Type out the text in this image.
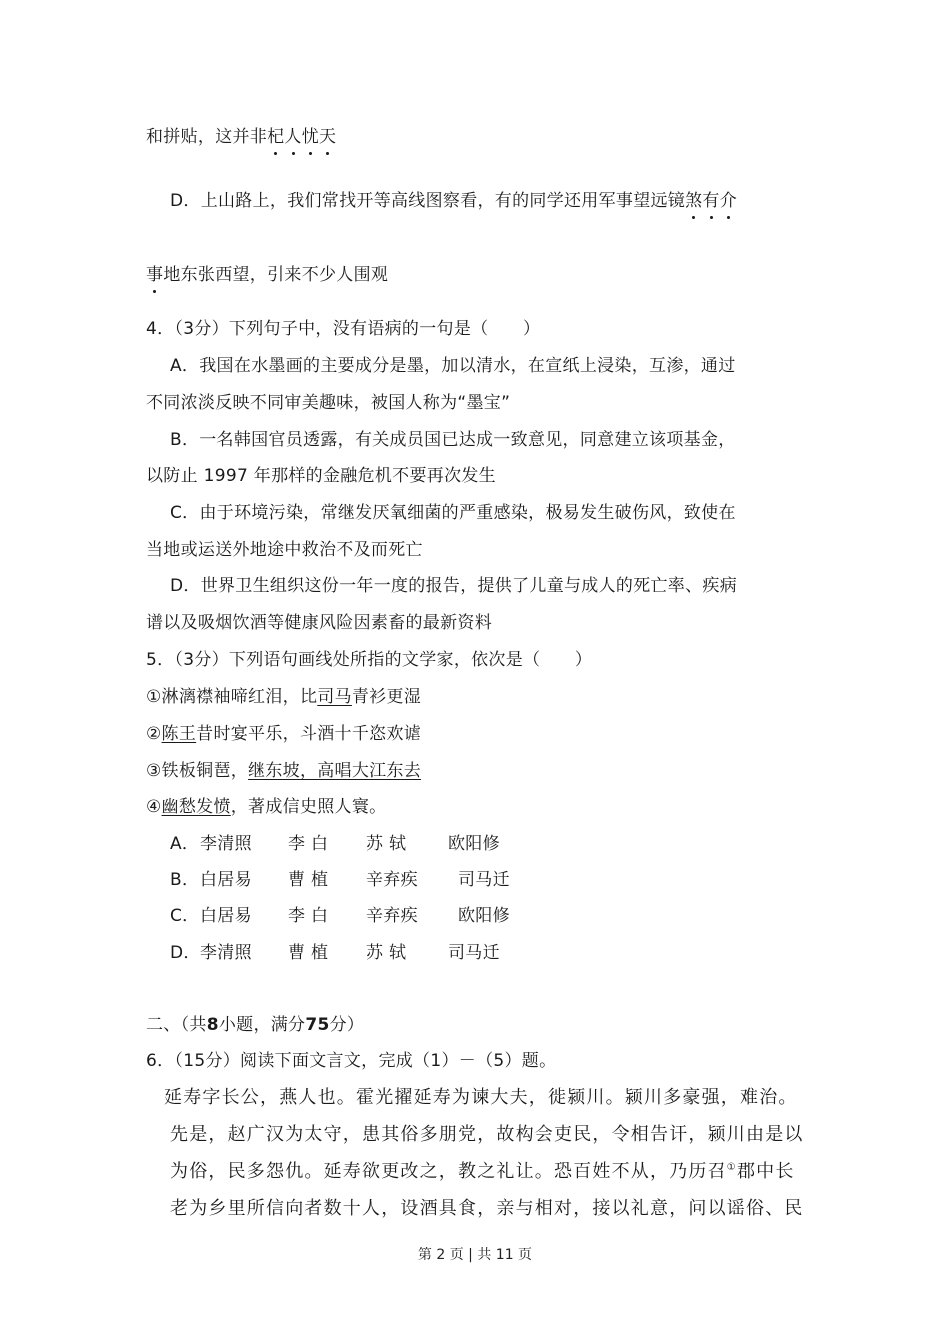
和拼贴，这并非杞人忧天
D．上山路上，我们常找开等高线图察看，有的同学还用军事望远镜煞有介
事地东张西望，引来不少人围观
4．（3分）下列句子中，没有语病的一句是（　　）
A．我国在水墨画的主要成分是墨，加以清水，在宣纸上浸染，互渗，通过
不同浓淡反映不同审美趣味，被国人称为“墨宝”
B．一名韩国官员透露，有关成员国已达成一致意见，同意建立该项基金，
以防止 1997 年那样的金融危机不要再次发生
C．由于环境污染，常继发厌氧细菌的严重感染，极易发生破伤风，致使在
当地或运送外地途中救治不及而死亡
D．世界卫生组织这份一年一度的报告，提供了儿童与成人的死亡率、疾病
谱以及吸烟饮酒等健康风险因素畜的最新资料
5．（3分）下列语句画线处所指的文学家，依次是（　　）
①淋漓襟袖啼红泪，比司马青衫更湿
②陈王昔时宴平乐，斗酒十千恣欢谑
③铁板铜琶，继东坡，高唱大江东去
④幽愁发愤，著成信史照人寰。
A．李清照 李 白 苏 轼 欧阳修
B．白居易 曹 植 辛弃疾 司马迁
C．白居易 李 白 辛弃疾 欧阳修
D．李清照 曹 植 苏 轼 司马迁
二、（共8小题，满分75分）
6．（15分）阅读下面文言文，完成（1）－（5）题。
延寿字长公，燕人也。霍光擢延寿为谏大夫，徙颍川。颍川多豪强，难治。
先是，赵广汉为太守，患其俗多朋党，故构会吏民，令相告讦，颍川由是以
为俗，民多怨仇。延寿欲更改之，教之礼让。恐百姓不从，乃历召①郡中长
老为乡里所信向者数十人，设酒具食，亲与相对，接以礼意，问以谣俗、民
第 2 页 | 共 11 页
